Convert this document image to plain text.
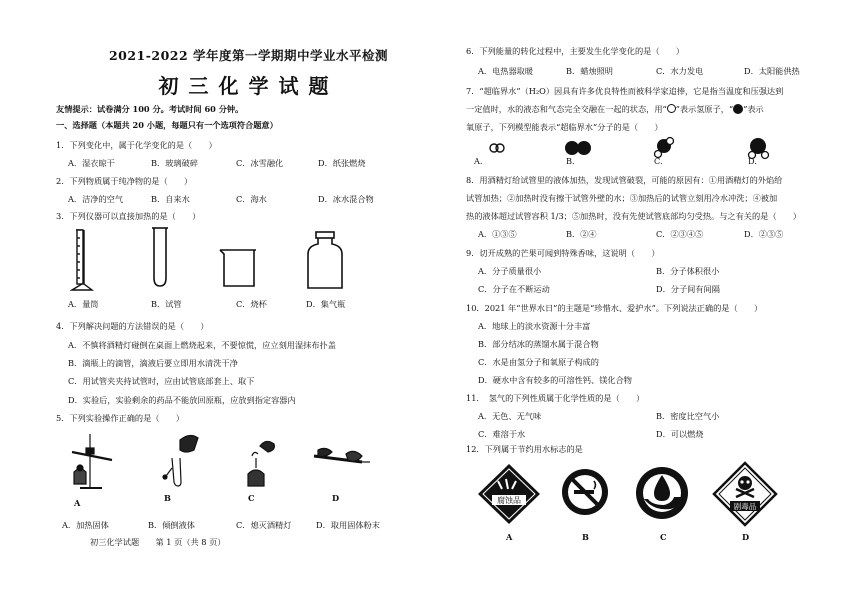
2021-2022 学年度第一学期期中学业水平检测
初三化学试题
友情提示：试卷满分 100 分。考试时间 60 分钟。
一、选择题（本题共 20 小题，每题只有一个选项符合题意）
1．下列变化中，属于化学变化的是（　　）
A．湿衣晾干	B．玻璃破碎	C．冰雪融化	D．纸张燃烧
2．下列物质属于纯净物的是（　　）
A．洁净的空气	B．自来水	C．海水	D．冰水混合物
3．下列仪器可以直接加热的是（　　）
A．量筒	B．试管	C．烧杯	D．集气瓶
4．下列解决问题的方法错误的是（　　）
A．不慎将酒精灯碰倒在桌面上燃烧起来，不要惊慌，应立刻用湿抹布扑盖
B．滴瓶上的滴管，滴液后要立即用水清洗干净
C．用试管夹夹持试管时，应由试管底部套上、取下
D．实验后，实验剩余的药品不能放回原瓶，应放到指定容器内
5．下列实验操作正确的是（　　）
A	B	C	D
A．加热固体	B．倾倒液体	C．熄灭酒精灯	D．取用固体粉末
初三化学试题　　第 1 页（共 8 页）
6．下列能量的转化过程中，主要发生化学变化的是（　　）
A．电热器取暖	B．蜡烛照明	C．水力发电	D．太阳能供热
7．“超临界水”（H₂O）因具有许多优良特性而被科学家追捧，它是指当温度和压强达到
一定值时，水的液态和气态完全交融在一起的状态，用“ ”表示氢原子，“ ”表示
氧原子，下列模型能表示“超临界水”分子的是（　　）
A.	B.	C.	D.
8．用酒精灯给试管里的液体加热，发现试管破裂，可能的原因有：①用酒精灯的外焰给
试管加热；②加热时没有擦干试管外壁的水；③加热后的试管立刻用冷水冲洗；④被加
热的液体超过试管容积 1/3；⑤加热时，没有先使试管底部均匀受热。与之有关的是（　　）
A．①③⑤	B．②④	C．②③④⑤	D．②③⑤
9．切开成熟的芒果可闻到特殊香味，这说明（　　）
A．分子质量很小	B．分子体积很小
C．分子在不断运动	D．分子间有间隔
10．2021 年“世界水日”的主题是“珍惜水、爱护水”。下列说法正确的是（　　）
A．地球上的淡水资源十分丰富
B．部分结冰的蒸馏水属于混合物
C．水是由氢分子和氧原子构成的
D．硬水中含有较多的可溶性钙、镁化合物
11．　氢气的下列性质属于化学性质的是（　　）
A．无色、无气味	B．密度比空气小
C．难溶于水	D．可以燃烧
12．下列属于节约用水标志的是
腐蚀品
剧毒品
A	B	C	D
